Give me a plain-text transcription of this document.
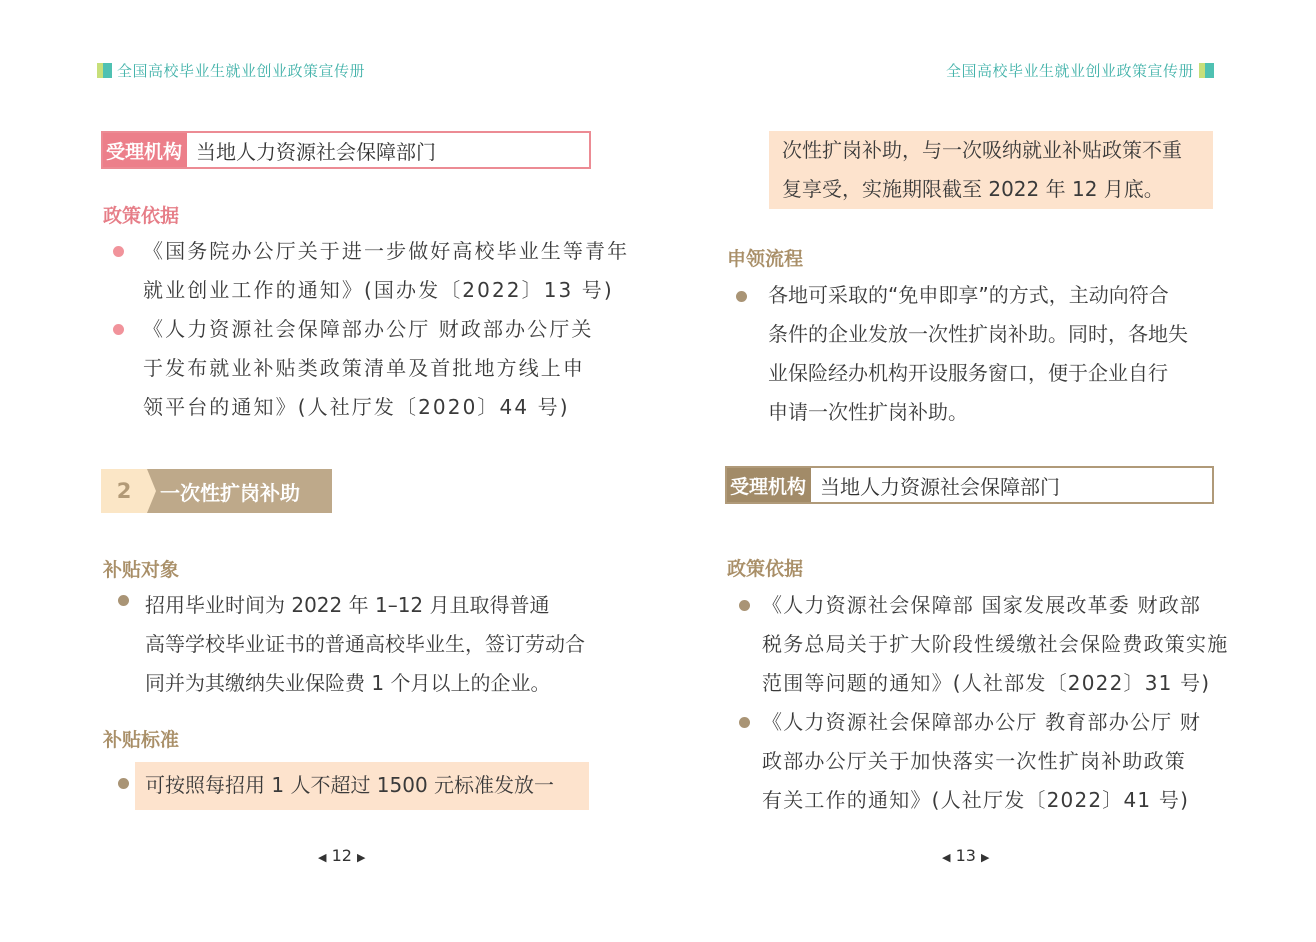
全国高校毕业生就业创业政策宣传册
受理机构 当地人力资源社会保障部门
政策依据
《国务院办公厅关于进一步做好高校毕业生等青年
就业创业工作的通知》(国办发〔2022〕13 号)
《人力资源社会保障部办公厅 财政部办公厅关
于发布就业补贴类政策清单及首批地方线上申
领平台的通知》(人社厅发〔2020〕44 号)
2	一次性扩岗补助
补贴对象
招用毕业时间为 2022 年 1–12 月且取得普通
高等学校毕业证书的普通高校毕业生，签订劳动合
同并为其缴纳失业保险费 1 个月以上的企业。
补贴标准
可按照每招用 1 人不超过 1500 元标准发放一
◀ 12 ▶
全国高校毕业生就业创业政策宣传册
次性扩岗补助，与一次吸纳就业补贴政策不重
复享受，实施期限截至 2022 年 12 月底。
申领流程
各地可采取的“免申即享”的方式，主动向符合
条件的企业发放一次性扩岗补助。同时，各地失
业保险经办机构开设服务窗口，便于企业自行
申请一次性扩岗补助。
受理机构 当地人力资源社会保障部门
政策依据
《人力资源社会保障部 国家发展改革委 财政部
税务总局关于扩大阶段性缓缴社会保险费政策实施
范围等问题的通知》(人社部发〔2022〕31 号)
《人力资源社会保障部办公厅 教育部办公厅 财
政部办公厅关于加快落实一次性扩岗补助政策
有关工作的通知》(人社厅发〔2022〕41 号)
◀ 13 ▶
